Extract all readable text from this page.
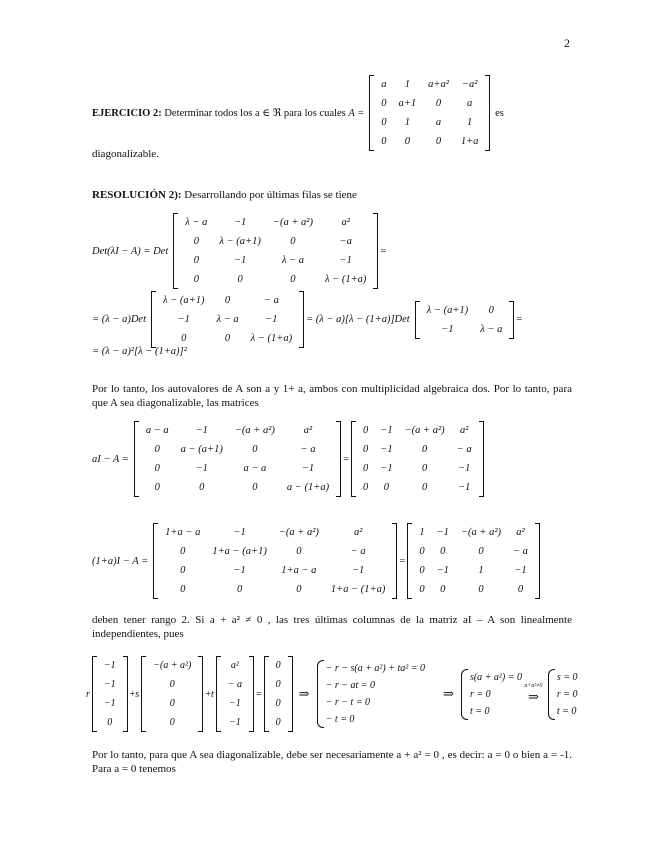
2
EJERCICIO 2:
Determinar todos los a ∈ ℜ para los cuales
A =
a	1	a+a²	−a²
0	a+1	0	a
0	1	a	1
0	0	0	1+a

es
diagonalizable.
RESOLUCIÓN 2): Desarrollando por últimas filas se tiene
Det(λI − A) = Det
λ − a	−1	−(a + a²)	a²
0	λ − (a+1)	0	−a
0	−1	λ − a	−1
0	0	0	λ − (1+a)
=
= (λ − a)Det
λ − (a+1)	0	− a
−1	λ − a	−1
0	0	λ − (1+a)
= (λ − a)[λ − (1+a)]Det
λ − (a+1)	0
−1	λ − a
=
= (λ − a)²[λ − (1+a)]²
Por lo tanto, los autovalores de A son a y 1+ a, ambos con multiplicidad algebraica dos. Por lo tanto, para que A sea diagonalizable, las matrices
aI − A =
a − a	−1	−(a + a²)	a²
0	a − (a+1)	0	− a
0	−1	a − a	−1
0	0	0	a − (1+a)
=
0	−1	−(a + a²)	a²
0	−1	0	− a
0	−1	0	−1
0	0	0	−1
(1+a)I − A =
1+a − a	−1	−(a + a²)	a²
0	1+a − (a+1)	0	− a
0	−1	1+a − a	−1
0	0	0	1+a − (1+a)
=
1	−1	−(a + a²)	a²
0	0	0	− a
0	−1	1	−1
0	0	0	0
deben tener rango 2. Si a + a² ≠ 0 , las tres últimas columnas de la matriz aI – A son linealmente independientes, pues
r
−1
−1
−1
0
+ s
−(a + a²)
0
0
0
+ t
a²
− a
−1
−1
=
0
0
0
0
⇒
− r − s(a + a²) + ta² = 0
− r − at = 0
− r − t = 0
− t = 0
⇒
s(a + a²) = 0
r = 0
t = 0
a+a²≠0
⇒
s = 0
r = 0
t = 0
Por lo tanto, para que A sea diagonalizable, debe ser necesariamente a + a² = 0 , es decir: a = 0 o bien a = -1. Para a = 0 tenemos
